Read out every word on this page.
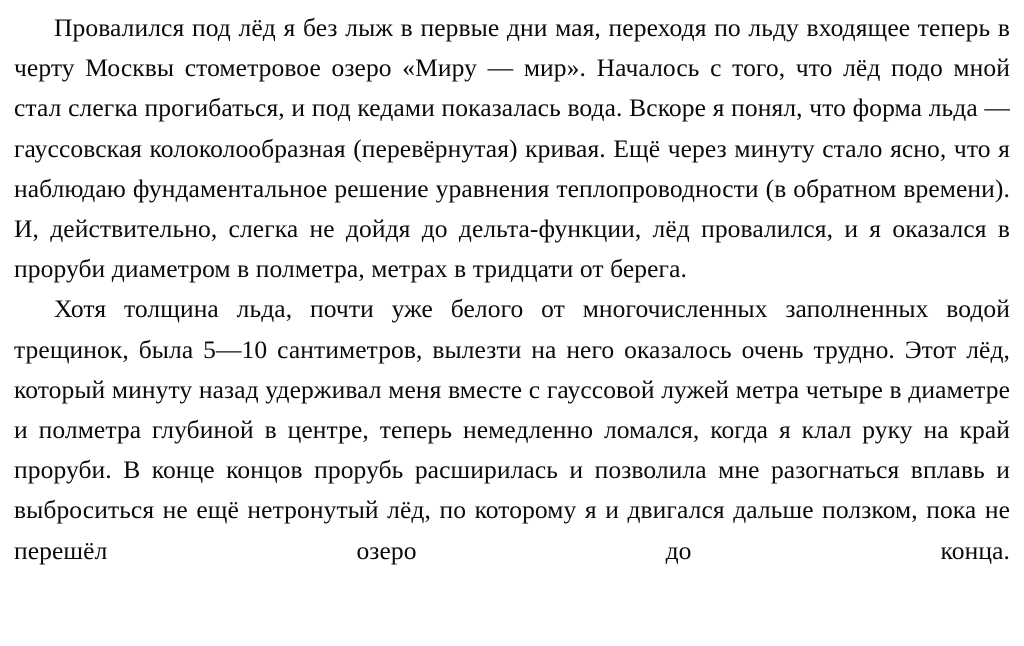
Провалился под лёд я без лыж в первые дни мая, переходя по льду входящее теперь в черту Москвы стометровое озеро «Миру — мир». Началось с того, что лёд подо мной стал слегка прогибаться, и под кедами показалась вода. Вскоре я понял, что форма льда — гауссовская колоколообразная (перевёрнутая) кривая. Ещё через минуту стало ясно, что я наблюдаю фундаментальное решение уравнения теплопроводности (в обратном времени). И, действительно, слегка не дойдя до дельта-функции, лёд провалился, и я оказался в проруби диаметром в полметра, метрах в тридцати от берега.

Хотя толщина льда, почти уже белого от многочисленных заполненных водой трещинок, была 5—10 сантиметров, вылезти на него оказалось очень трудно. Этот лёд, который минуту назад удерживал меня вместе с гауссовой лужей метра четыре в диаметре и полметра глубиной в центре, теперь немедленно ломался, когда я клал руку на край проруби. В конце концов прорубь расширилась и позволила мне разогнаться вплавь и выброситься не ещё нетронутый лёд, по которому я и двигался дальше ползком, пока не перешёл озеро до конца.
